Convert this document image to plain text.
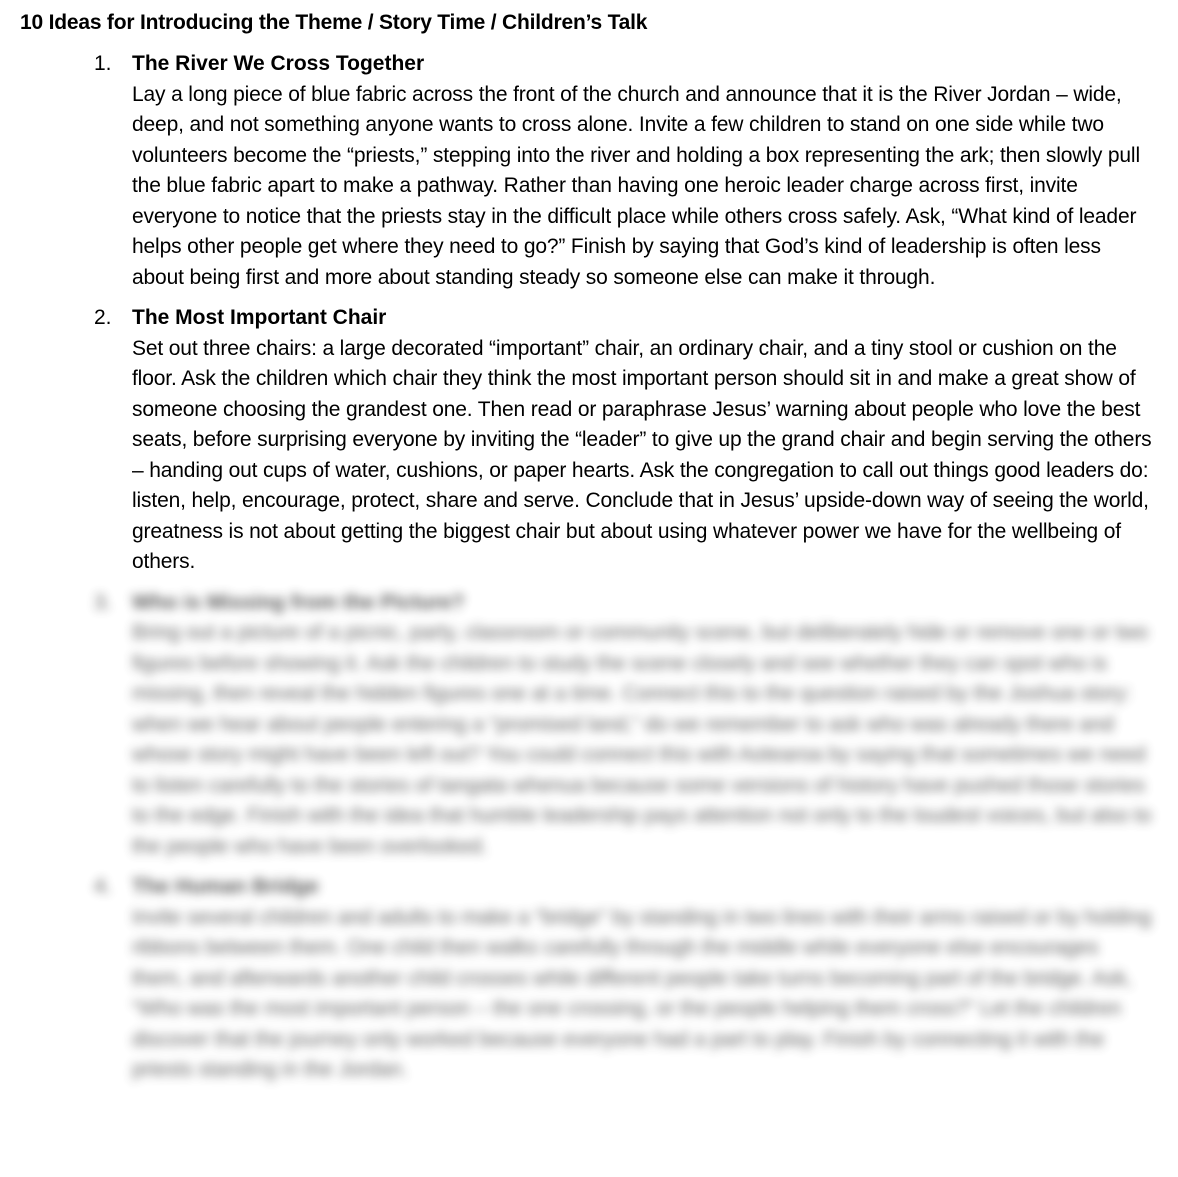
10 Ideas for Introducing the Theme / Story Time / Children’s Talk
1. The River We Cross Together

Lay a long piece of blue fabric across the front of the church and announce that it is the River Jordan – wide, deep, and not something anyone wants to cross alone. Invite a few children to stand on one side while two volunteers become the “priests,” stepping into the river and holding a box representing the ark; then slowly pull the blue fabric apart to make a pathway. Rather than having one heroic leader charge across first, invite everyone to notice that the priests stay in the difficult place while others cross safely. Ask, “What kind of leader helps other people get where they need to go?” Finish by saying that God’s kind of leadership is often less about being first and more about standing steady so someone else can make it through.

2. The Most Important Chair

Set out three chairs: a large decorated “important” chair, an ordinary chair, and a tiny stool or cushion on the floor. Ask the children which chair they think the most important person should sit in and make a great show of someone choosing the grandest one. Then read or paraphrase Jesus’ warning about people who love the best seats, before surprising everyone by inviting the “leader” to give up the grand chair and begin serving the others – handing out cups of water, cushions, or paper hearts. Ask the congregation to call out things good leaders do: listen, help, encourage, protect, share and serve. Conclude that in Jesus’ upside-down way of seeing the world, greatness is not about getting the biggest chair but about using whatever power we have for the wellbeing of others.

3. Who is Missing from the Picture?

Bring out a picture of a picnic, party, classroom or community scene, but deliberately hide or remove one or two figures before showing it. Ask the children to study the scene closely and see whether they can spot who is missing, then reveal the hidden figures one at a time. Connect this to the question raised by the Joshua story: when we hear about people entering a “promised land,” do we remember to ask who was already there and whose story might have been left out? You could connect this with Aotearoa by saying that sometimes we need to listen carefully to the stories of tangata whenua because some versions of history have pushed those stories to the edge. Finish with the idea that humble leadership pays attention not only to the loudest voices, but also to the people who have been overlooked.

4. The Human Bridge

Invite several children and adults to make a “bridge” by standing in two lines with their arms raised or by holding ribbons between them. One child then walks carefully through the middle while everyone else encourages them, and afterwards another child crosses while different people take turns becoming part of the bridge. Ask, “Who was the most important person – the one crossing, or the people helping them cross?” Let the children discover that the journey only worked because everyone had a part to play. Finish by connecting it with the priests standing in the Jordan.
